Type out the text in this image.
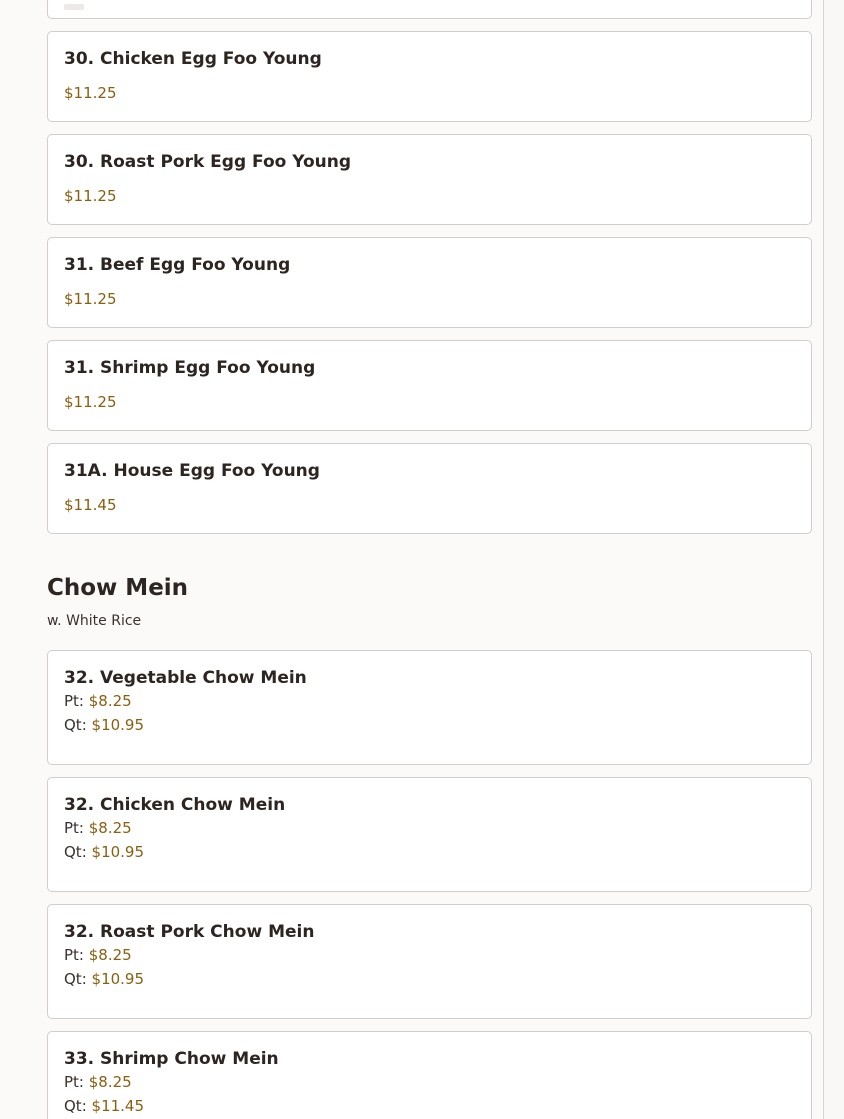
30. Chicken Egg Foo Young
$11.25
30. Roast Pork Egg Foo Young
$11.25
31. Beef Egg Foo Young
$11.25
31. Shrimp Egg Foo Young
$11.25
31A. House Egg Foo Young
$11.45
Chow Mein
w. White Rice
32. Vegetable Chow Mein
Pt: $8.25
Qt: $10.95
32. Chicken Chow Mein
Pt: $8.25
Qt: $10.95
32. Roast Pork Chow Mein
Pt: $8.25
Qt: $10.95
33. Shrimp Chow Mein
Pt: $8.25
Qt: $11.45
